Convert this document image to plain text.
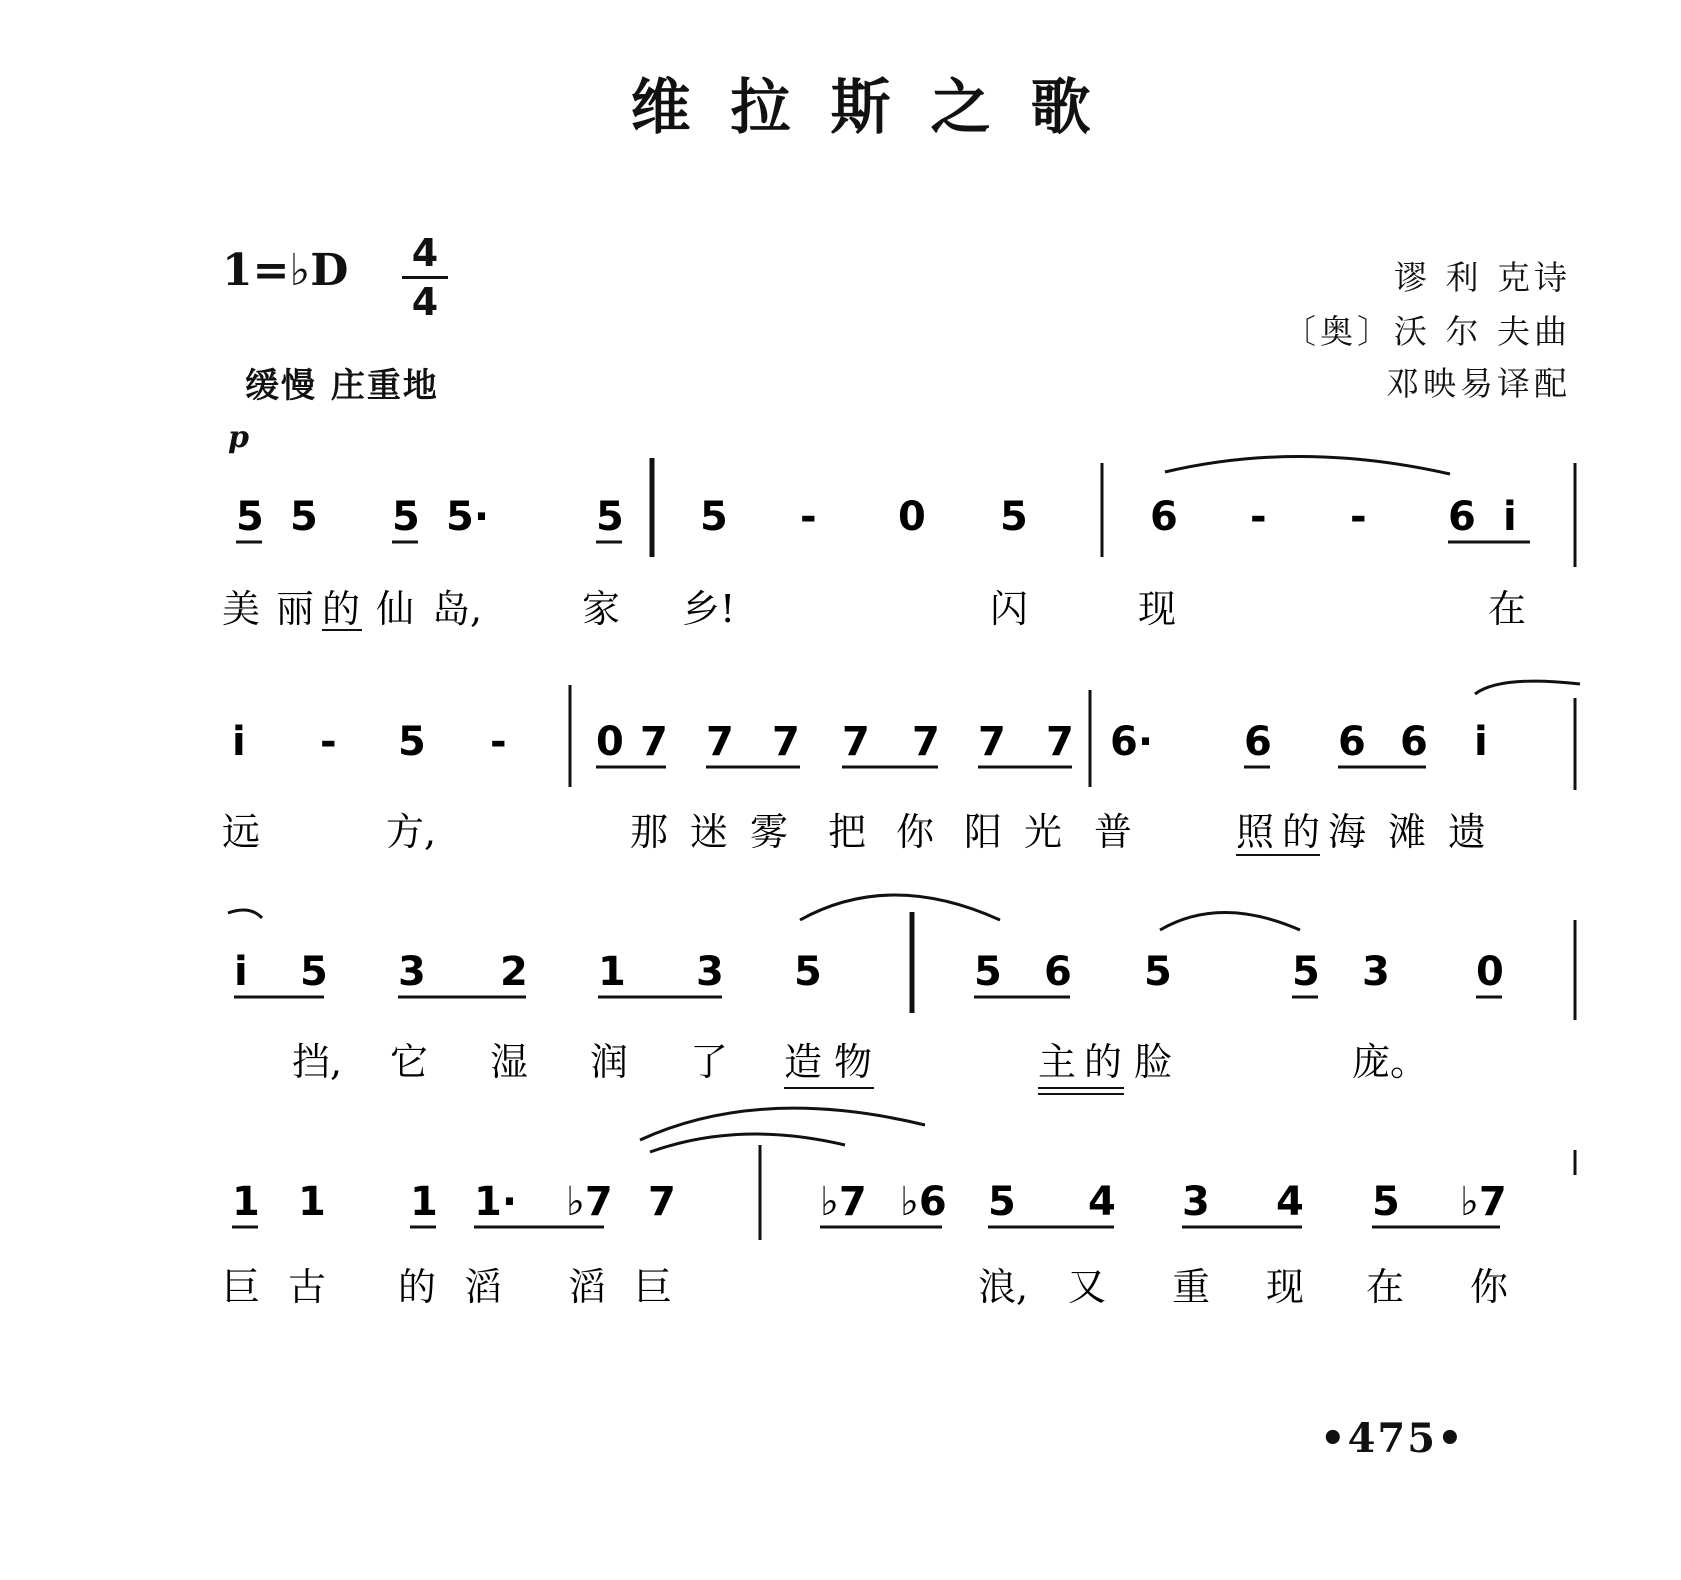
维拉斯之歌
1=♭D 4
4
谬 利 克诗
〔奥〕沃 尔 夫曲
邓映易译配
缓慢 庄重地
p
5 5 5 5·	5 5 - 0 5	6 - - 6 i
美 丽 的 仙 岛,	家 乡!	闪	现	在
i - 5 - 0 7 7 7 7 7 7 7 6· 6 6 6 i
远	方,	那 迷 雾 把 你 阳 光 普	照 的 海 滩 遗
i 5 3 2 1 3 5	5 6 5	5 3 0
挡, 它 湿 润 了 造 物	主 的 脸	庞。
1 1 1 1· ♭7 7	♭7 ♭6 5 4 3 4 5 ♭7
巨 古 的 滔 滔 巨	浪, 又 重 现 在 你
•475•
